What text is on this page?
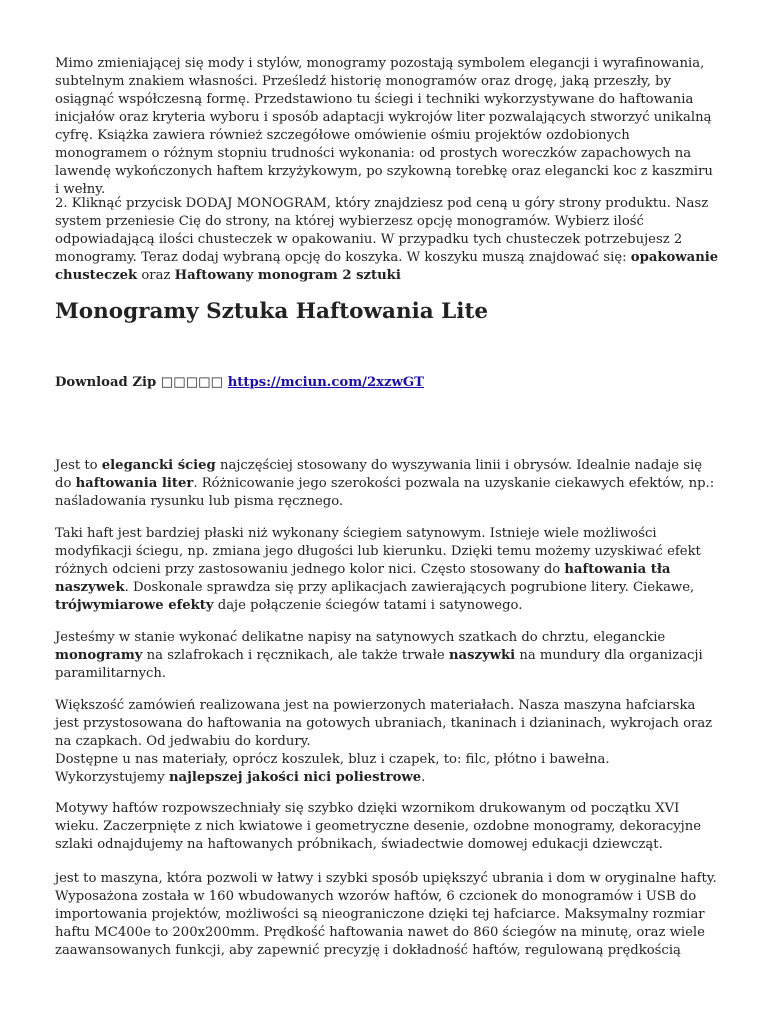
Mimo zmieniającej się mody i stylów, monogramy pozostają symbolem elegancji i wyrafinowania, subtelnym znakiem własności. Prześledź historię monogramów oraz drogę, jaką przeszły, by osiągnąć współczesną formę. Przedstawiono tu ściegi i techniki wykorzystywane do haftowania inicjałów oraz kryteria wyboru i sposób adaptacji wykrojów liter pozwalających stworzyć unikalną cyfrę. Książka zawiera również szczegółowe omówienie ośmiu projektów ozdobionych monogramem o różnym stopniu trudności wykonania: od prostych woreczków zapachowych na lawendę wykończonych haftem krzyżykowym, po szykowną torebkę oraz elegancki koc z kaszmiru i wełny.

2. Kliknąć przycisk DODAJ MONOGRAM, który znajdziesz pod ceną u góry strony produktu. Nasz system przeniesie Cię do strony, na której wybierzesz opcję monogramów. Wybierz ilość odpowiadającą ilości chusteczek w opakowaniu. W przypadku tych chusteczek potrzebujesz 2 monogramy. Teraz dodaj wybraną opcję do koszyka. W koszyku muszą znajdować się: opakowanie chusteczek oraz Haftowany monogram 2 sztuki

Monogramy Sztuka Haftowania Lite
Download Zip □□□□□ https://mciun.com/2xzwGT

Jest to elegancki ścieg najczęściej stosowany do wyszywania linii i obrysów. Idealnie nadaje się do haftowania liter. Różnicowanie jego szerokości pozwala na uzyskanie ciekawych efektów, np.: naśladowania rysunku lub pisma ręcznego.

Taki haft jest bardziej płaski niż wykonany ściegiem satynowym. Istnieje wiele możliwości modyfikacji ściegu, np. zmiana jego długości lub kierunku. Dzięki temu możemy uzyskiwać efekt różnych odcieni przy zastosowaniu jednego kolor nici. Często stosowany do haftowania tła naszywek. Doskonale sprawdza się przy aplikacjach zawierających pogrubione litery. Ciekawe, trójwymiarowe efekty daje połączenie ściegów tatami i satynowego.

Jesteśmy w stanie wykonać delikatne napisy na satynowych szatkach do chrztu, eleganckie monogramy na szlafrokach i ręcznikach, ale także trwałe naszywki na mundury dla organizacji paramilitarnych.

Większość zamówień realizowana jest na powierzonych materiałach. Nasza maszyna hafciarska jest przystosowana do haftowania na gotowych ubraniach, tkaninach i dzianinach, wykrojach oraz na czapkach. Od jedwabiu do kordury.

Dostępne u nas materiały, oprócz koszulek, bluz i czapek, to: filc, płótno i bawełna. Wykorzystujemy najlepszej jakości nici poliestrowe.

Motywy haftów rozpowszechniały się szybko dzięki wzornikom drukowanym od początku XVI wieku. Zaczerpnięte z nich kwiatowe i geometryczne desenie, ozdobne monogramy, dekoracyjne szlaki odnajdujemy na haftowanych próbnikach, świadectwie domowej edukacji dziewcząt.

jest to maszyna, która pozwoli w łatwy i szybki sposób upiększyć ubrania i dom w oryginalne hafty. Wyposażona została w 160 wbudowanych wzorów haftów, 6 czcionek do monogramów i USB do importowania projektów, możliwości są nieograniczone dzięki tej hafciarce. Maksymalny rozmiar haftu MC400e to 200x200mm. Prędkość haftowania nawet do 860 ściegów na minutę, oraz wiele zaawansowanych funkcji, aby zapewnić precyzję i dokładność haftów, regulowaną prędkością
